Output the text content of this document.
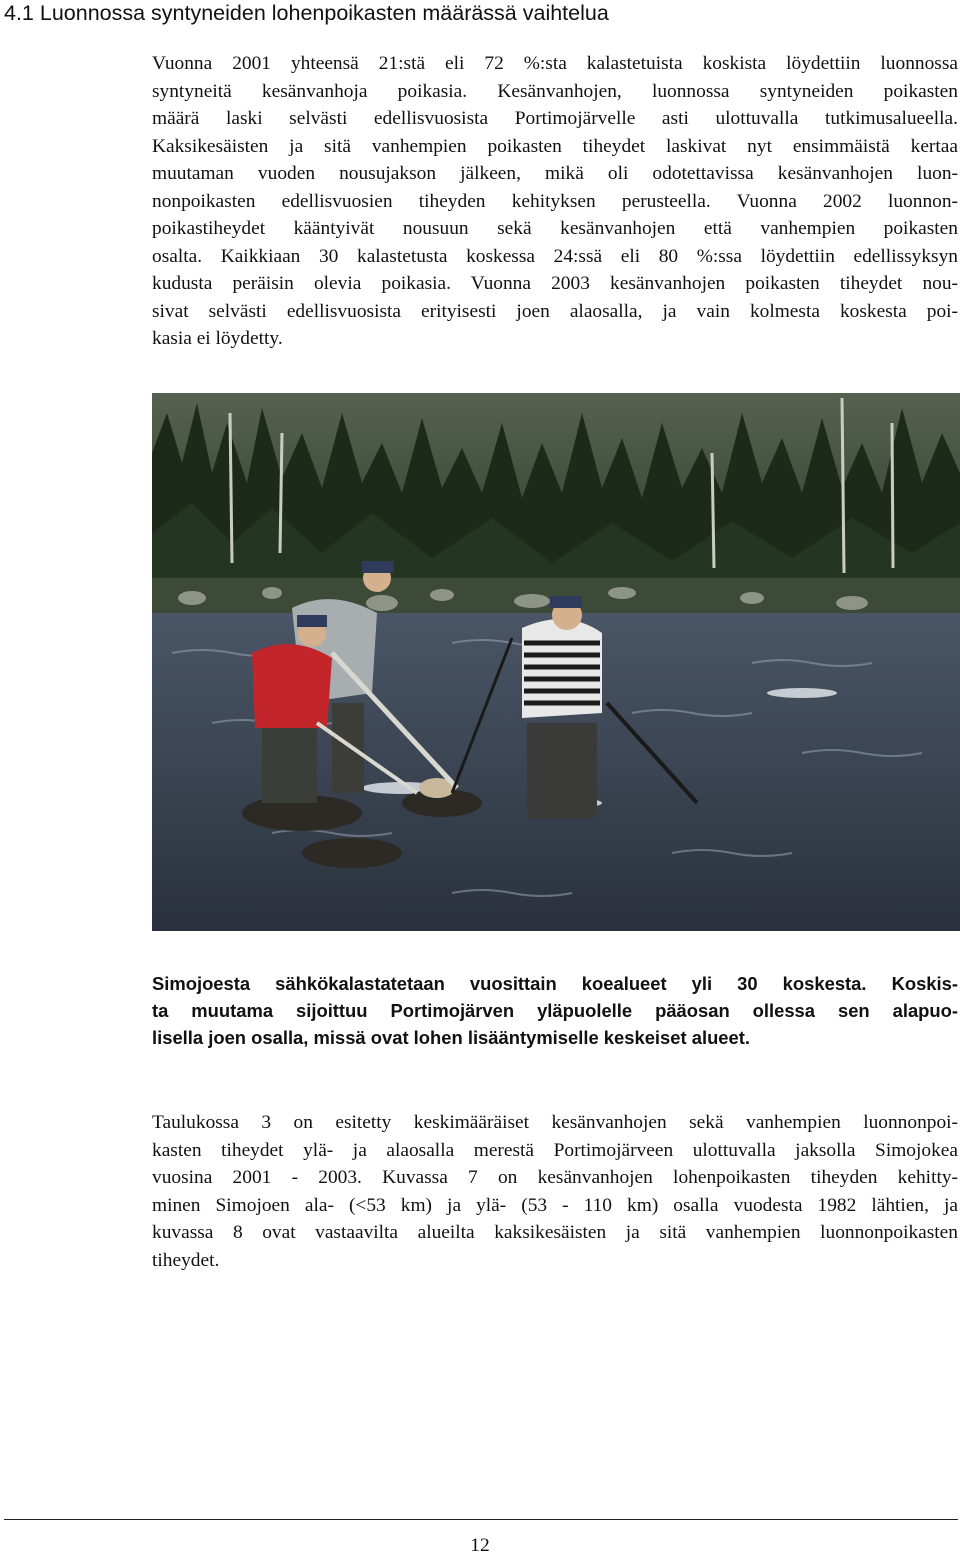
4.1 Luonnossa syntyneiden lohenpoikasten määrässä vaihtelua
Vuonna 2001 yhteensä 21:stä eli 72 %:sta kalastetuista koskista löydettiin luonnossa
syntyneitä kesänvanhoja poikasia. Kesänvanhojen, luonnossa syntyneiden poikasten
määrä laski selvästi edellisvuosista Portimojärvelle asti ulottuvalla tutkimusalueella.
Kaksikesäisten ja sitä vanhempien poikasten tiheydet laskivat nyt ensimmäistä kertaa
muutaman vuoden nousujakson jälkeen, mikä oli odotettavissa kesänvanhojen luon-
nonpoikasten edellisvuosien tiheyden kehityksen perusteella. Vuonna 2002 luonnon-
poikastiheydet kääntyivät nousuun sekä kesänvanhojen että vanhempien poikasten
osalta. Kaikkiaan 30 kalastetusta koskessa 24:ssä eli 80 %:ssa löydettiin edellissyksyn
kudusta peräisin olevia poikasia. Vuonna 2003 kesänvanhojen poikasten tiheydet nou-
sivat selvästi edellisvuosista erityisesti joen alaosalla, ja vain kolmesta koskesta poi-
kasia ei löydetty.
Simojoesta sähkökalastatetaan vuosittain koealueet yli 30 koskesta. Koskis-
ta muutama sijoittuu Portimojärven yläpuolelle pääosan ollessa sen alapuo-
lisella joen osalla, missä ovat lohen lisääntymiselle keskeiset alueet.
Taulukossa 3 on esitetty keskimääräiset kesänvanhojen sekä vanhempien luonnonpoi-
kasten tiheydet ylä- ja alaosalla merestä Portimojärveen ulottuvalla jaksolla Simojokea
vuosina 2001 - 2003. Kuvassa 7 on kesänvanhojen lohenpoikasten tiheyden kehitty-
minen Simojoen ala- (<53 km) ja ylä- (53 - 110 km) osalla vuodesta 1982 lähtien, ja
kuvassa 8 ovat vastaavilta alueilta kaksikesäisten ja sitä vanhempien luonnonpoikasten
tiheydet.
12
